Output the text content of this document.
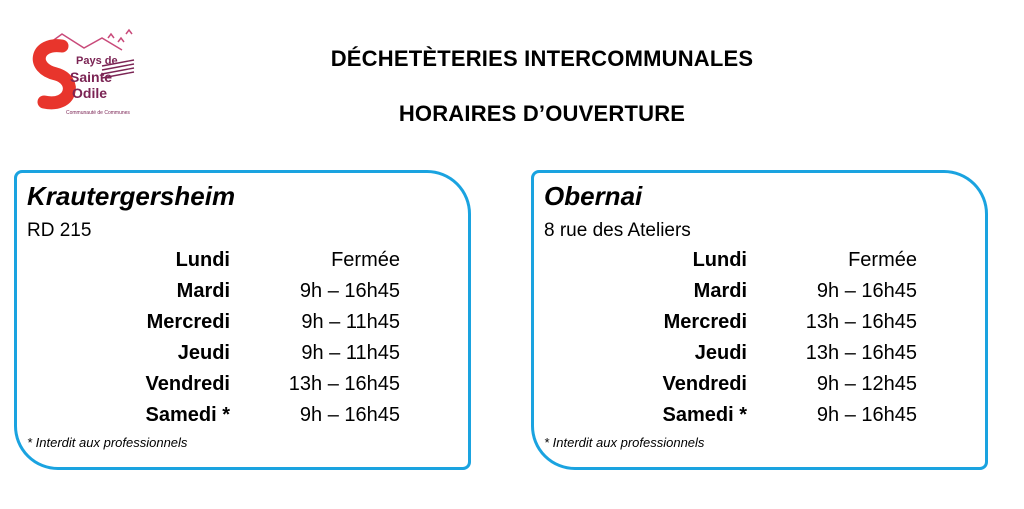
Pays de
Sainte
Odile
Communauté de Communes
DÉCHETÈTERIES INTERCOMMUNALES
HORAIRES D’OUVERTURE
Krautergersheim
RD 215
Lundi	Fermée
Mardi	9h – 16h45
Mercredi	9h – 11h45
Jeudi	9h – 11h45
Vendredi	13h – 16h45
Samedi *	9h – 16h45
* Interdit aux professionnels
Obernai
8 rue des Ateliers
Lundi	Fermée
Mardi	9h – 16h45
Mercredi	13h – 16h45
Jeudi	13h – 16h45
Vendredi	9h – 12h45
Samedi *	9h – 16h45
* Interdit aux professionnels
